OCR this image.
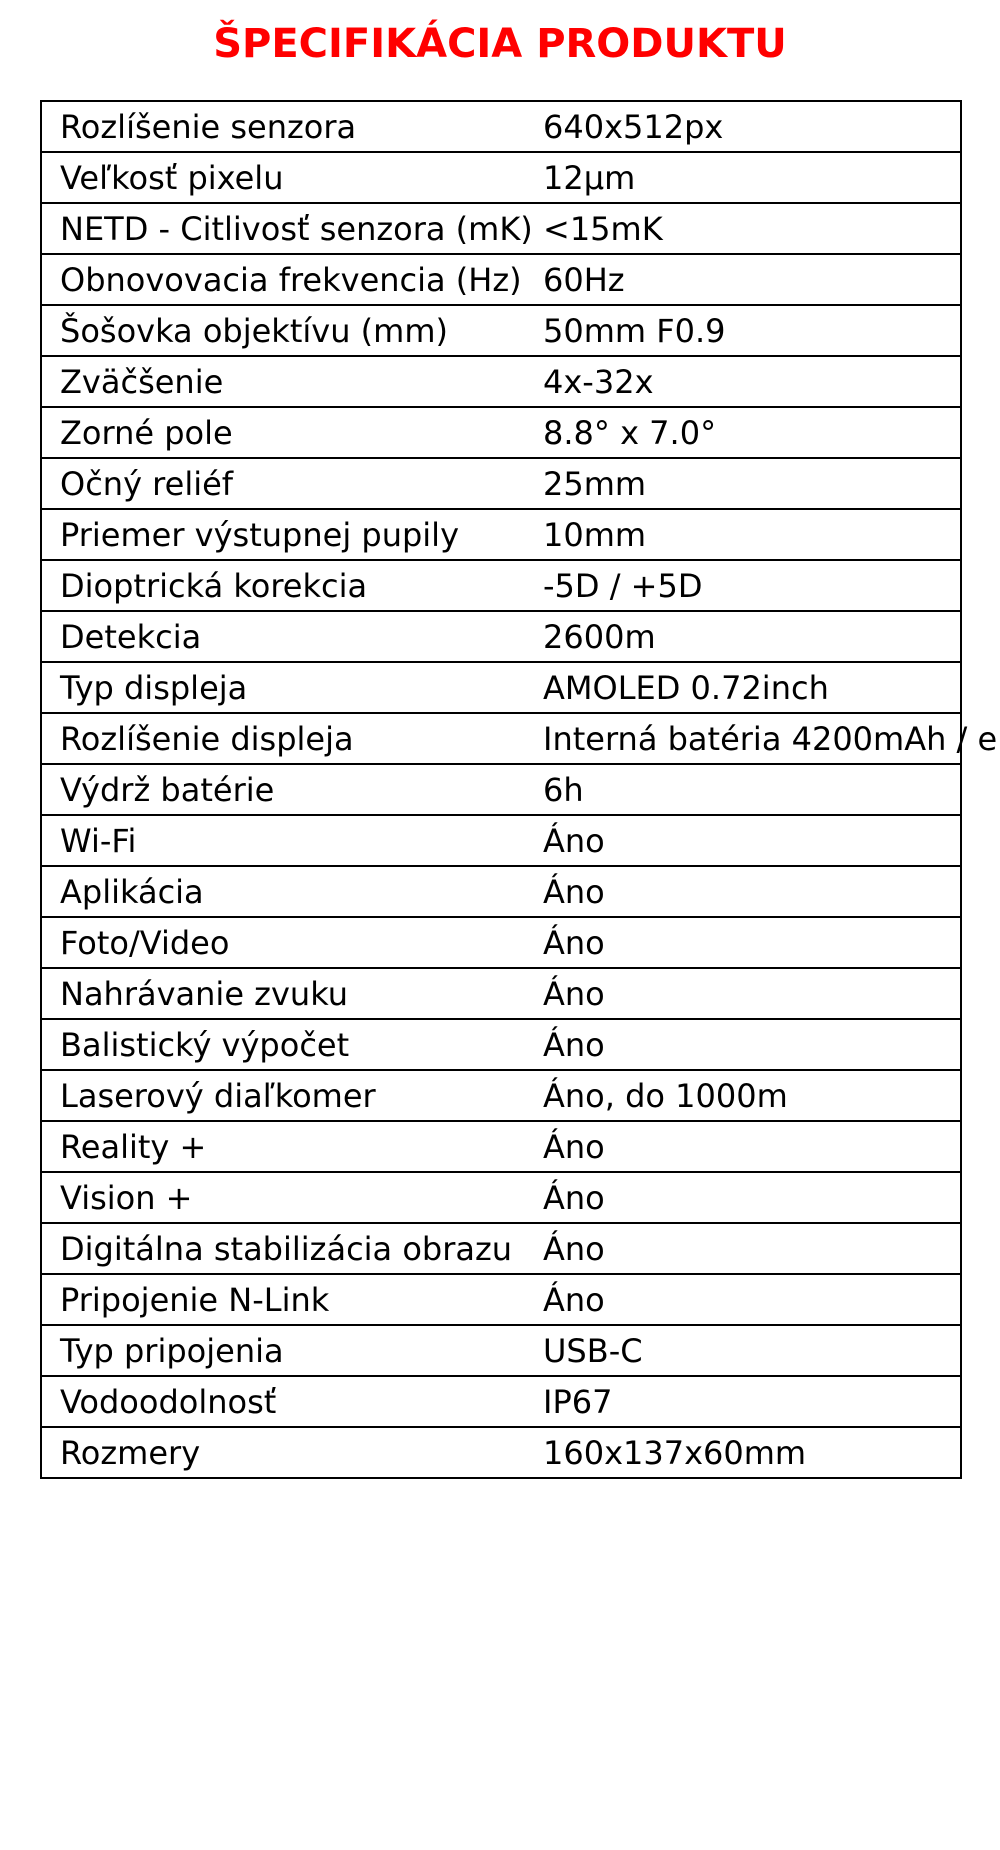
ŠPECIFIKÁCIA PRODUKTU
Rozlíšenie senzora	640x512px
Veľkosť pixelu	12μm
NETD - Citlivosť senzora (mK)	<15mK
Obnovovacia frekvencia (Hz)	60Hz
Šošovka objektívu (mm)	50mm F0.9
Zväčšenie	4x-32x
Zorné pole	8.8° x 7.0°
Očný reliéf	25mm
Priemer výstupnej pupily	10mm
Dioptrická korekcia	-5D / +5D
Detekcia	2600m
Typ displeja	AMOLED 0.72inch
Rozlíšenie displeja	Interná batéria 4200mAh / e
Výdrž batérie	6h
Wi-Fi	Áno
Aplikácia	Áno
Foto/Video	Áno
Nahrávanie zvuku	Áno
Balistický výpočet	Áno
Laserový diaľkomer	Áno, do 1000m
Reality +	Áno
Vision +	Áno
Digitálna stabilizácia obrazu	Áno
Pripojenie N-Link	Áno
Typ pripojenia	USB-C
Vodoodolnosť	IP67
Rozmery	160x137x60mm
